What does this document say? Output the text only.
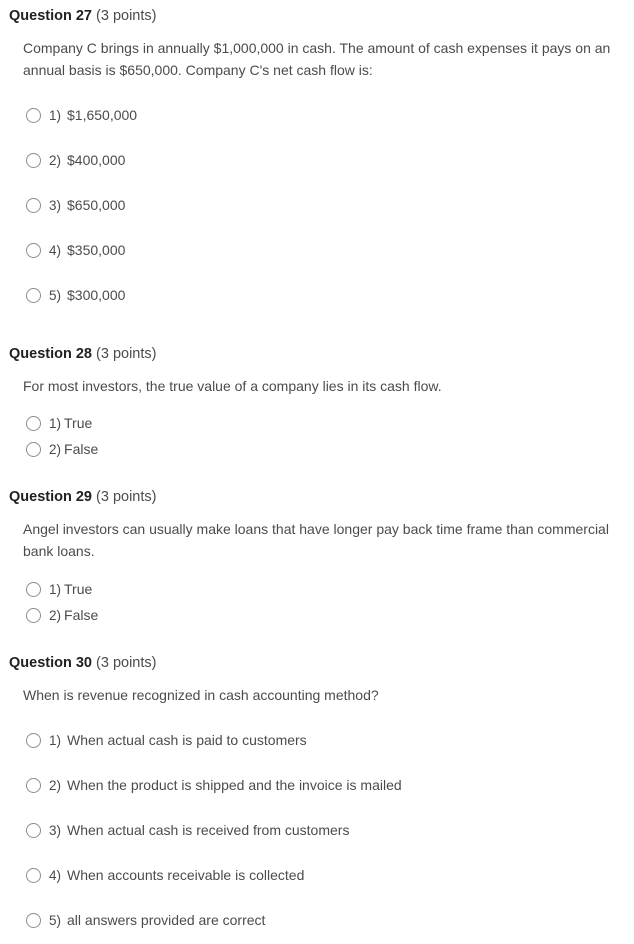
Question 27 (3 points)
Company C brings in annually $1,000,000 in cash. The amount of cash expenses it pays on an annual basis is $650,000. Company C's net cash flow is:
1) $1,650,000
2) $400,000
3) $650,000
4) $350,000
5) $300,000
Question 28 (3 points)
For most investors, the true value of a company lies in its cash flow.
1) True
2) False
Question 29 (3 points)
Angel investors can usually make loans that have longer pay back time frame than commercial bank loans.
1) True
2) False
Question 30 (3 points)
When is revenue recognized in cash accounting method?
1) When actual cash is paid to customers
2) When the product is shipped and the invoice is mailed
3) When actual cash is received from customers
4) When accounts receivable is collected
5) all answers provided are correct
